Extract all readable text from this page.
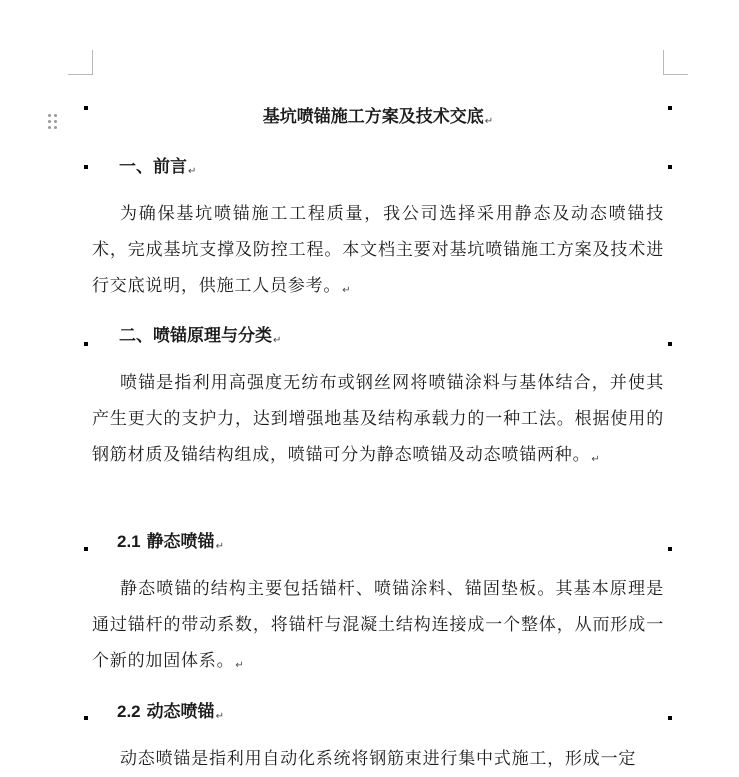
基坑喷锚施工方案及技术交底↵
一、前言↵
为确保基坑喷锚施工工程质量，我公司选择采用静态及动态喷锚技术，完成基坑支撑及防控工程。本文档主要对基坑喷锚施工方案及技术进行交底说明，供施工人员参考。↵
二、喷锚原理与分类↵
喷锚是指利用高强度无纺布或钢丝网将喷锚涂料与基体结合，并使其产生更大的支护力，达到增强地基及结构承载力的一种工法。根据使用的钢筋材质及锚结构组成，喷锚可分为静态喷锚及动态喷锚两种。↵
2.1 静态喷锚↵
静态喷锚的结构主要包括锚杆、喷锚涂料、锚固垫板。其基本原理是通过锚杆的带动系数，将锚杆与混凝土结构连接成一个整体，从而形成一个新的加固体系。↵
2.2 动态喷锚↵
动态喷锚是指利用自动化系统将钢筋束进行集中式施工，形成一定
